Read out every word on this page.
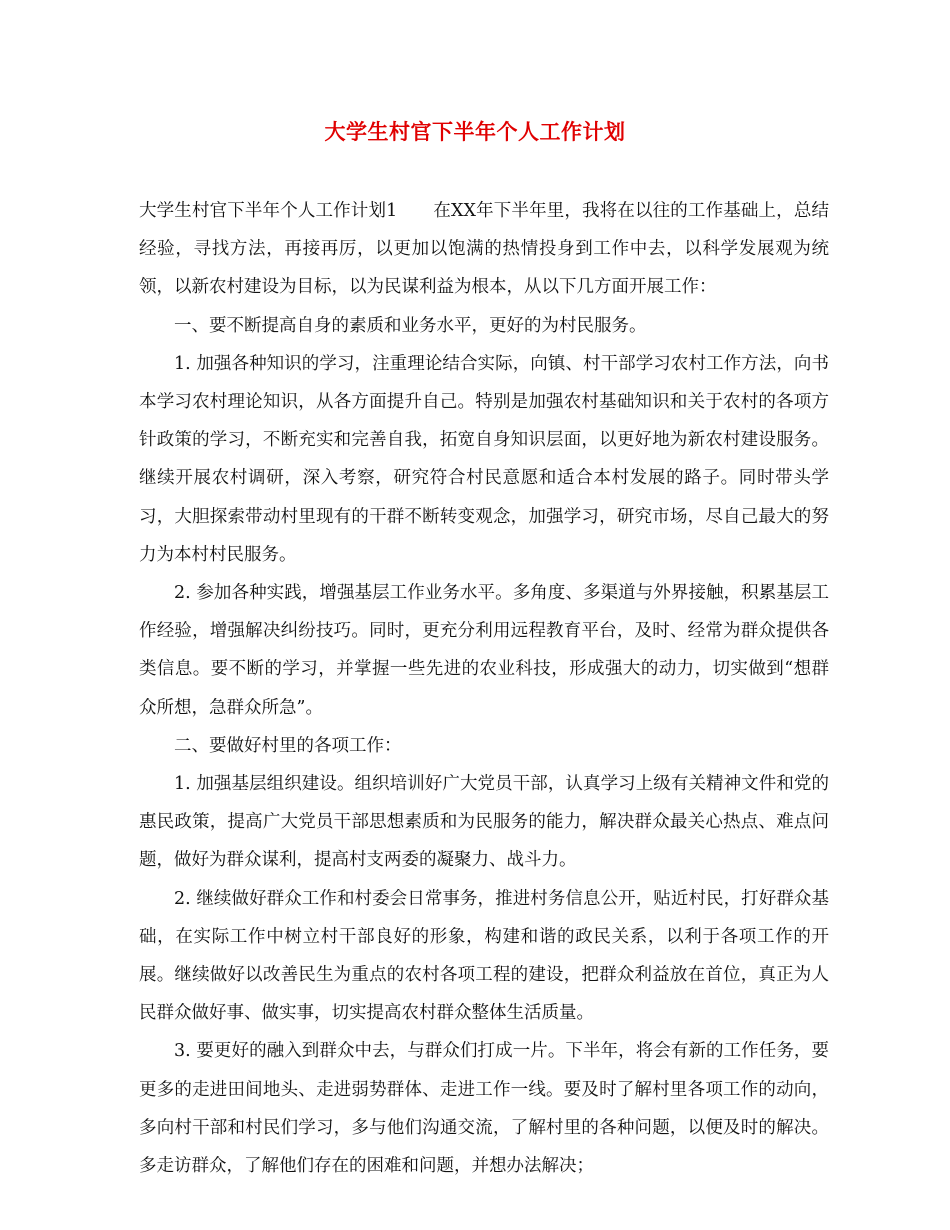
大学生村官下半年个人工作计划

大学生村官下半年个人工作计划1 在XX年下半年里，我将在以往的工作基础上，总结经验，寻找方法，再接再厉，以更加以饱满的热情投身到工作中去，以科学发展观为统领，以新农村建设为目标，以为民谋利益为根本，从以下几方面开展工作：

一、要不断提高自身的素质和业务水平，更好的为村民服务。

1. 加强各种知识的学习，注重理论结合实际，向镇、村干部学习农村工作方法，向书本学习农村理论知识，从各方面提升自己。特别是加强农村基础知识和关于农村的各项方针政策的学习，不断充实和完善自我，拓宽自身知识层面，以更好地为新农村建设服务。继续开展农村调研，深入考察，研究符合村民意愿和适合本村发展的路子。同时带头学习，大胆探索带动村里现有的干群不断转变观念，加强学习，研究市场，尽自己最大的努力为本村村民服务。

2. 参加各种实践，增强基层工作业务水平。多角度、多渠道与外界接触，积累基层工作经验，增强解决纠纷技巧。同时，更充分利用远程教育平台，及时、经常为群众提供各类信息。要不断的学习，并掌握一些先进的农业科技，形成强大的动力，切实做到“想群众所想，急群众所急”。

二、要做好村里的各项工作：

1. 加强基层组织建设。组织培训好广大党员干部，认真学习上级有关精神文件和党的惠民政策，提高广大党员干部思想素质和为民服务的能力，解决群众最关心热点、难点问题，做好为群众谋利，提高村支两委的凝聚力、战斗力。

2. 继续做好群众工作和村委会日常事务，推进村务信息公开，贴近村民，打好群众基础，在实际工作中树立村干部良好的形象，构建和谐的政民关系，以利于各项工作的开展。继续做好以改善民生为重点的农村各项工程的建设，把群众利益放在首位，真正为人民群众做好事、做实事，切实提高农村群众整体生活质量。

3. 要更好的融入到群众中去，与群众们打成一片。下半年，将会有新的工作任务，要更多的走进田间地头、走进弱势群体、走进工作一线。要及时了解村里各项工作的动向，多向村干部和村民们学习，多与他们沟通交流，了解村里的各种问题，以便及时的解决。多走访群众，了解他们存在的困难和问题，并想办法解决；
